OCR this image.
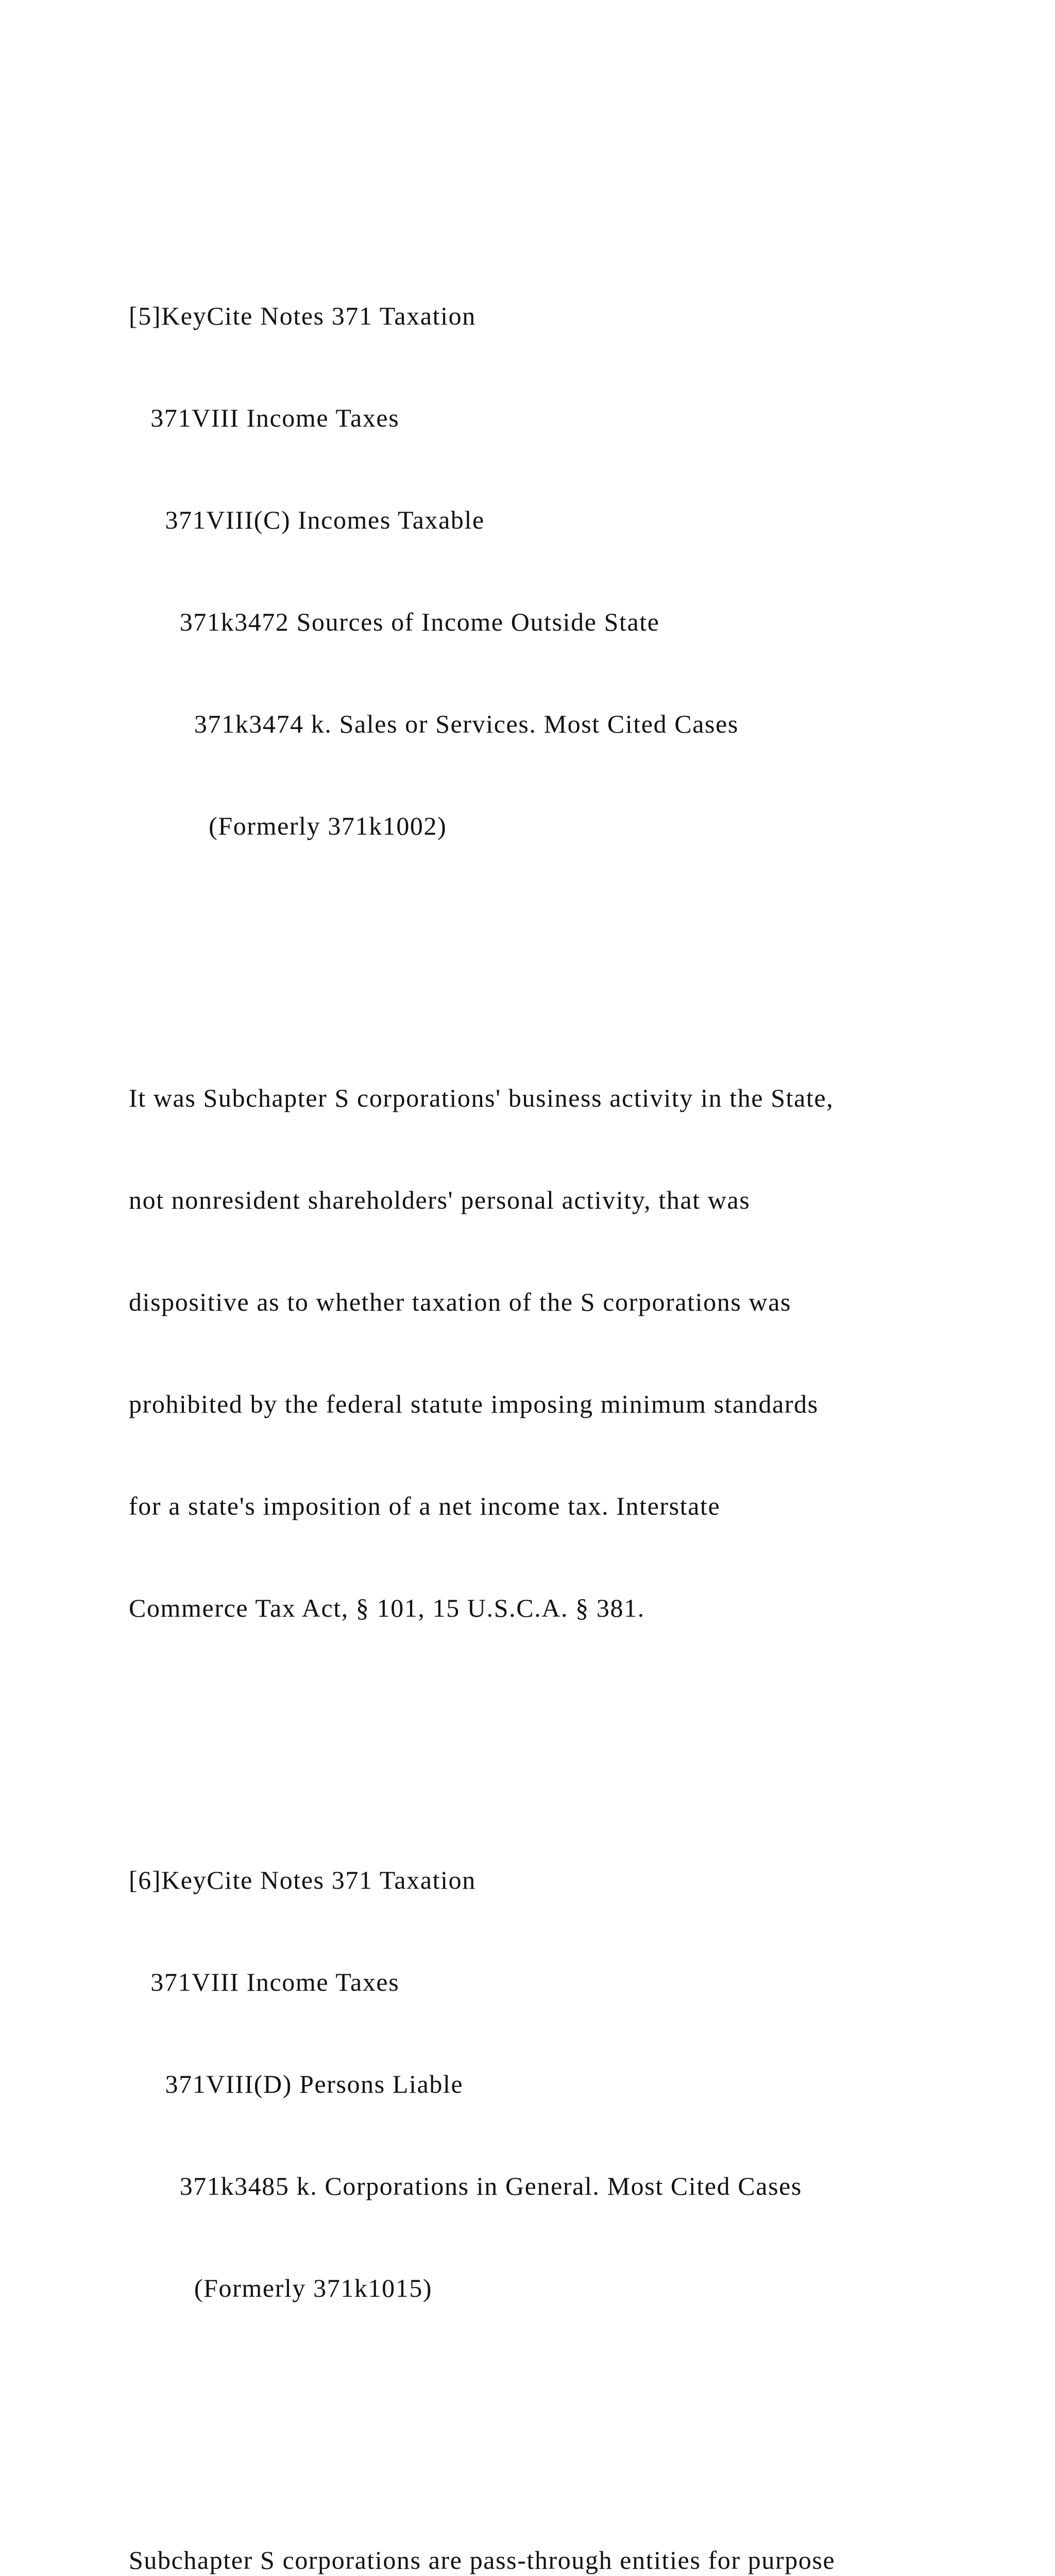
[5]KeyCite Notes 371 Taxation

371VIII Income Taxes

371VIII(C) Incomes Taxable

371k3472 Sources of Income Outside State

371k3474 k. Sales or Services. Most Cited Cases

(Formerly 371k1002)

It was Subchapter S corporations' business activity in the State,

not nonresident shareholders' personal activity, that was

dispositive as to whether taxation of the S corporations was

prohibited by the federal statute imposing minimum standards

for a state's imposition of a net income tax. Interstate

Commerce Tax Act, § 101, 15 U.S.C.A. § 381.

[6]KeyCite Notes 371 Taxation

371VIII Income Taxes

371VIII(D) Persons Liable

371k3485 k. Corporations in General. Most Cited Cases

(Formerly 371k1015)

Subchapter S corporations are pass-through entities for purpose
